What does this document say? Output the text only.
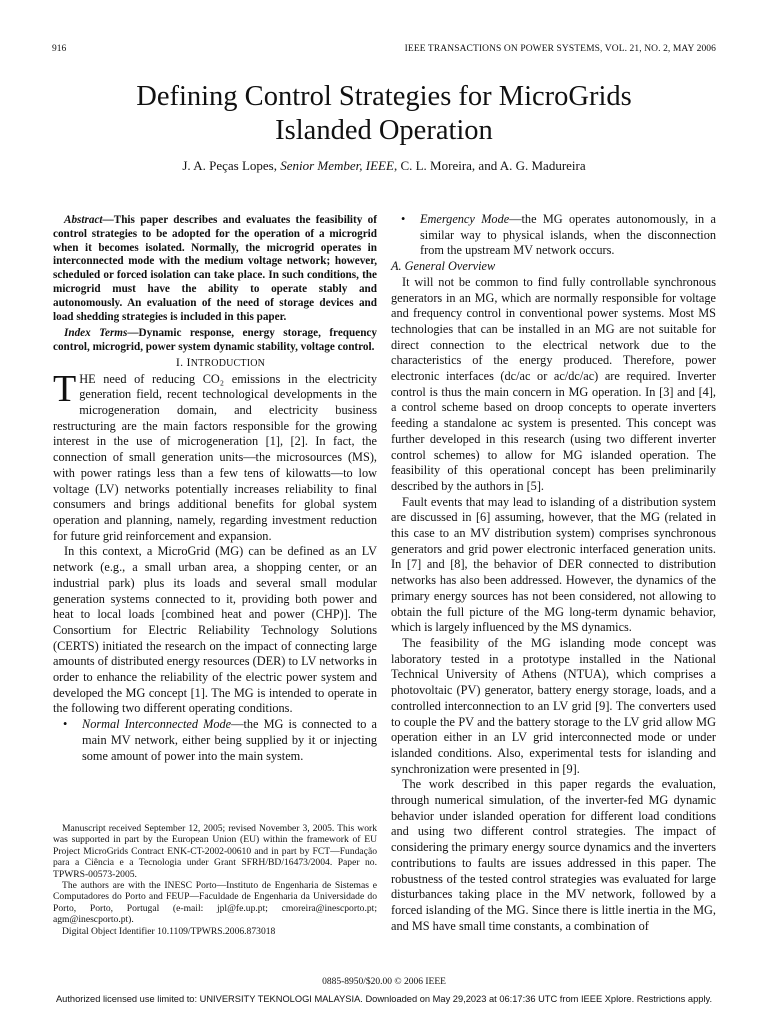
916	IEEE TRANSACTIONS ON POWER SYSTEMS, VOL. 21, NO. 2, MAY 2006
Defining Control Strategies for MicroGrids
Islanded Operation
J. A. Peças Lopes, Senior Member, IEEE, C. L. Moreira, and A. G. Madureira

Abstract—This paper describes and evaluates the feasibility of control strategies to be adopted for the operation of a microgrid when it becomes isolated. Normally, the microgrid operates in interconnected mode with the medium voltage network; however, scheduled or forced isolation can take place. In such conditions, the microgrid must have the ability to operate stably and autonomously. An evaluation of the need of storage devices and load shedding strategies is included in this paper.

Index Terms—Dynamic response, energy storage, frequency control, microgrid, power system dynamic stability, voltage control.

I. INTRODUCTION

THE need of reducing CO₂ emissions in the electricity generation field, recent technological developments in the microgeneration domain, and electricity business restructuring are the main factors responsible for the growing interest in the use of microgeneration [1], [2]. In fact, the connection of small generation units—the microsources (MS), with power ratings less than a few tens of kilowatts—to low voltage (LV) networks potentially increases reliability to final consumers and brings additional benefits for global system operation and planning, namely, regarding investment reduction for future grid reinforcement and expansion.

In this context, a MicroGrid (MG) can be defined as an LV network (e.g., a small urban area, a shopping center, or an industrial park) plus its loads and several small modular generation systems connected to it, providing both power and heat to local loads [combined heat and power (CHP)]. The Consortium for Electric Reliability Technology Solutions (CERTS) initiated the research on the impact of connecting large amounts of distributed energy resources (DER) to LV networks in order to enhance the reliability of the electric power system and developed the MG concept [1]. The MG is intended to operate in the following two different operating conditions.

• Normal Interconnected Mode—the MG is connected to a main MV network, either being supplied by it or injecting some amount of power into the main system.

• Emergency Mode—the MG operates autonomously, in a similar way to physical islands, when the disconnection from the upstream MV network occurs.

A. General Overview

It will not be common to find fully controllable synchronous generators in an MG, which are normally responsible for voltage and frequency control in conventional power systems. Most MS technologies that can be installed in an MG are not suitable for direct connection to the electrical network due to the characteristics of the energy produced. Therefore, power electronic interfaces (dc/ac or ac/dc/ac) are required. Inverter control is thus the main concern in MG operation. In [3] and [4], a control scheme based on droop concepts to operate inverters feeding a standalone ac system is presented. This concept was further developed in this research (using two different inverter control schemes) to allow for MG islanded operation. The feasibility of this operational concept has been preliminarily described by the authors in [5].

Fault events that may lead to islanding of a distribution system are discussed in [6] assuming, however, that the MG (related in this case to an MV distribution system) comprises synchronous generators and grid power electronic interfaced generation units. In [7] and [8], the behavior of DER connected to distribution networks has also been addressed. However, the dynamics of the primary energy sources has not been considered, not allowing to obtain the full picture of the MG long-term dynamic behavior, which is largely influenced by the MS dynamics.

The feasibility of the MG islanding mode concept was laboratory tested in a prototype installed in the National Technical University of Athens (NTUA), which comprises a photovoltaic (PV) generator, battery energy storage, loads, and a controlled interconnection to an LV grid [9]. The converters used to couple the PV and the battery storage to the LV grid allow MG operation either in an LV grid interconnected mode or under islanded conditions. Also, experimental tests for islanding and synchronization were presented in [9].

The work described in this paper regards the evaluation, through numerical simulation, of the inverter-fed MG dynamic behavior under islanded operation for different load conditions and using two different control strategies. The impact of considering the primary energy source dynamics and the inverters contributions to faults are issues addressed in this paper. The robustness of the tested control strategies was evaluated for large disturbances taking place in the MV network, followed by a forced islanding of the MG. Since there is little inertia in the MG, and MS have small time constants, a combination of

Manuscript received September 12, 2005; revised November 3, 2005. This work was supported in part by the European Union (EU) within the framework of EU Project MicroGrids Contract ENK-CT-2002-00610 and in part by FCT—Fundação para a Ciência e a Tecnologia under Grant SFRH/BD/16473/2004. Paper no. TPWRS-00573-2005.

The authors are with the INESC Porto—Instituto de Engenharia de Sistemas e Computadores do Porto and FEUP—Faculdade de Engenharia da Universidade do Porto, Porto, Portugal (e-mail: jpl@fe.up.pt; cmoreira@inescporto.pt; agm@inescporto.pt).

Digital Object Identifier 10.1109/TPWRS.2006.873018

0885-8950/$20.00 © 2006 IEEE
Authorized licensed use limited to: UNIVERSITY TEKNOLOGI MALAYSIA. Downloaded on May 29,2023 at 06:17:36 UTC from IEEE Xplore. Restrictions apply.
